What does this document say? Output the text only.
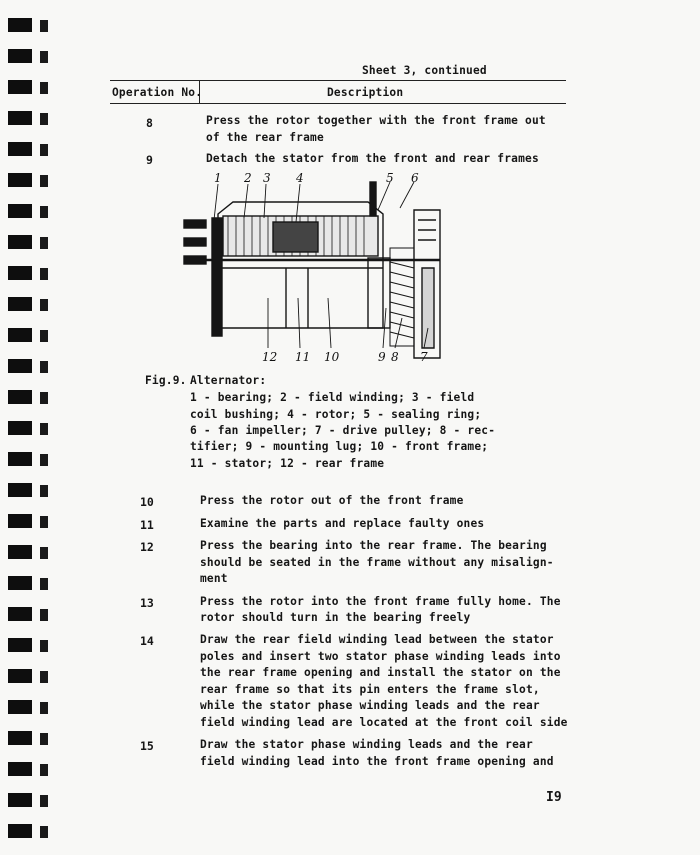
Sheet 3, continued
Operation No.	Description
8	Press the rotor together with the front frame out
of the rear frame
9	Detach the stator from the front and rear frames
1 2 3 4	5 6
12 11 10	9 8 7
Fig.9. Alternator:
1 - bearing; 2 - field winding; 3 - field
coil bushing; 4 - rotor; 5 - sealing ring;
6 - fan impeller; 7 - drive pulley; 8 - rec-
tifier; 9 - mounting lug; 10 - front frame;
11 - stator; 12 - rear frame
10	Press the rotor out of the front frame
11	Examine the parts and replace faulty ones
12	Press the bearing into the rear frame. The bearing
should be seated in the frame without any misalign-
ment
13	Press the rotor into the front frame fully home. The
rotor should turn in the bearing freely
14	Draw the rear field winding lead between the stator
poles and insert two stator phase winding leads into
the rear frame opening and install the stator on the
rear frame so that its pin enters the frame slot,
while the stator phase winding leads and the rear
field winding lead are located at the front coil side
15	Draw the stator phase winding leads and the rear
field winding lead into the front frame opening and
I9
